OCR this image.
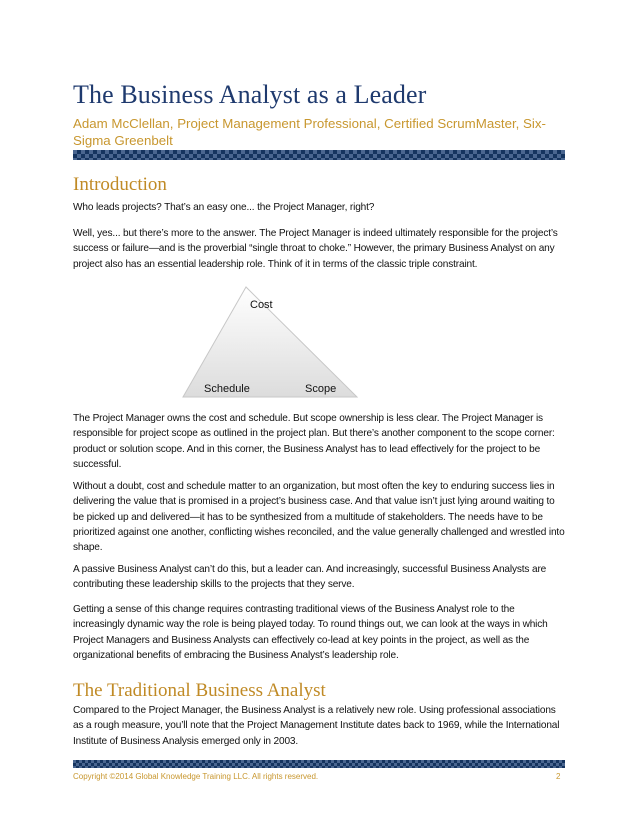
The Business Analyst as a Leader
Adam McClellan, Project Management Professional, Certified ScrumMaster, Six-Sigma Greenbelt
Introduction

Who leads projects? That’s an easy one... the Project Manager, right?

Well, yes... but there’s more to the answer. The Project Manager is indeed ultimately responsible for the project’s success or failure—and is the proverbial “single throat to choke.” However, the primary Business Analyst on any project also has an essential leadership role. Think of it in terms of the classic triple constraint.

Cost
Schedule	Scope

The Project Manager owns the cost and schedule. But scope ownership is less clear. The Project Manager is responsible for project scope as outlined in the project plan. But there’s another component to the scope corner: product or solution scope. And in this corner, the Business Analyst has to lead effectively for the project to be successful.

Without a doubt, cost and schedule matter to an organization, but most often the key to enduring success lies in delivering the value that is promised in a project’s business case. And that value isn’t just lying around waiting to be picked up and delivered—it has to be synthesized from a multitude of stakeholders. The needs have to be prioritized against one another, conflicting wishes reconciled, and the value generally challenged and wrestled into shape.

A passive Business Analyst can’t do this, but a leader can. And increasingly, successful Business Analysts are contributing these leadership skills to the projects that they serve.

Getting a sense of this change requires contrasting traditional views of the Business Analyst role to the increasingly dynamic way the role is being played today. To round things out, we can look at the ways in which Project Managers and Business Analysts can effectively co-lead at key points in the project, as well as the organizational benefits of embracing the Business Analyst’s leadership role.

The Traditional Business Analyst

Compared to the Project Manager, the Business Analyst is a relatively new role. Using professional associations as a rough measure, you’ll note that the Project Management Institute dates back to 1969, while the International Institute of Business Analysis emerged only in 2003.

Copyright ©2014 Global Knowledge Training LLC. All rights reserved.	2
